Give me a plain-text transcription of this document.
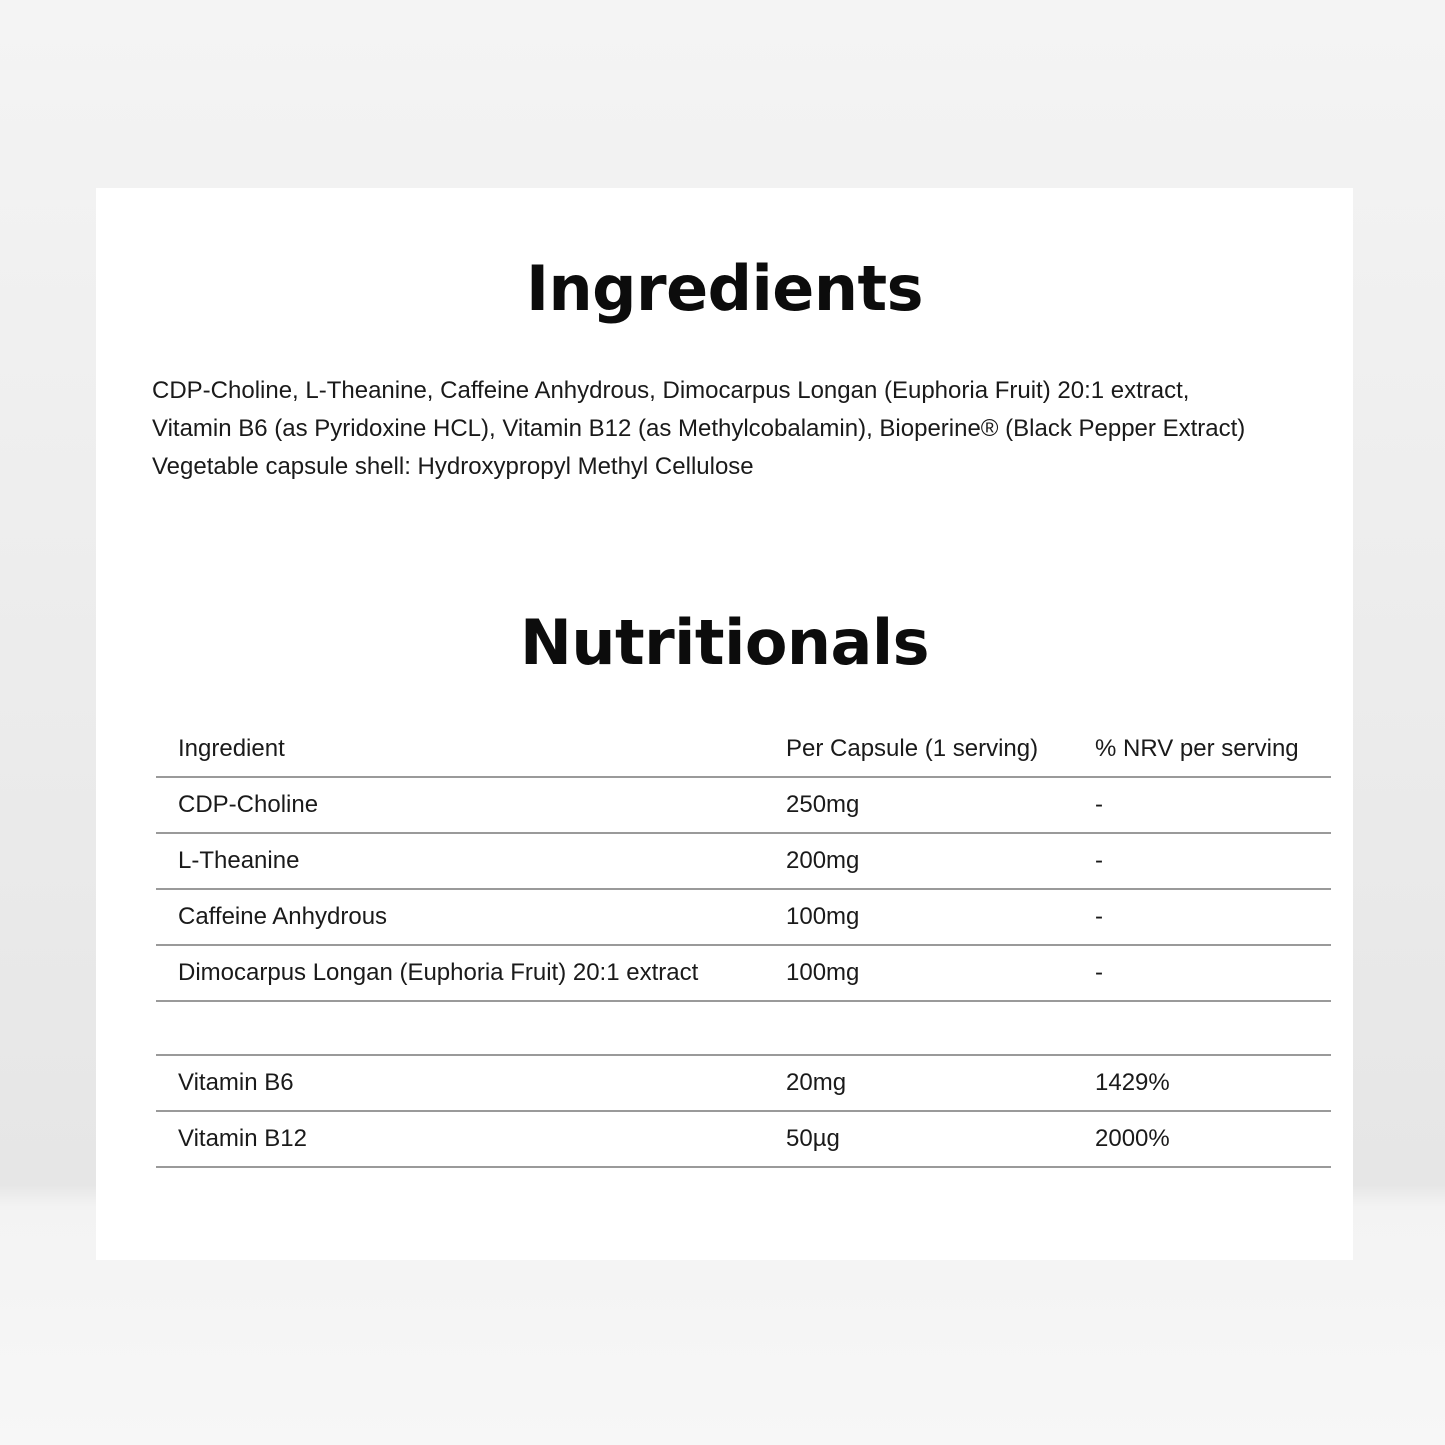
Ingredients

CDP-Choline, L-Theanine, Caffeine Anhydrous, Dimocarpus Longan (Euphoria Fruit) 20:1 extract,

Vitamin B6 (as Pyridoxine HCL), Vitamin B12 (as Methylcobalamin), Bioperine® (Black Pepper Extract)

Vegetable capsule shell: Hydroxypropyl Methyl Cellulose

Nutritionals
Ingredient	Per Capsule (1 serving)	% NRV per serving
CDP-Choline	250mg	-
L-Theanine	200mg	-
Caffeine Anhydrous	100mg	-
Dimocarpus Longan (Euphoria Fruit) 20:1 extract	100mg	-

Vitamin B6	20mg	1429%
Vitamin B12	50µg	2000%
